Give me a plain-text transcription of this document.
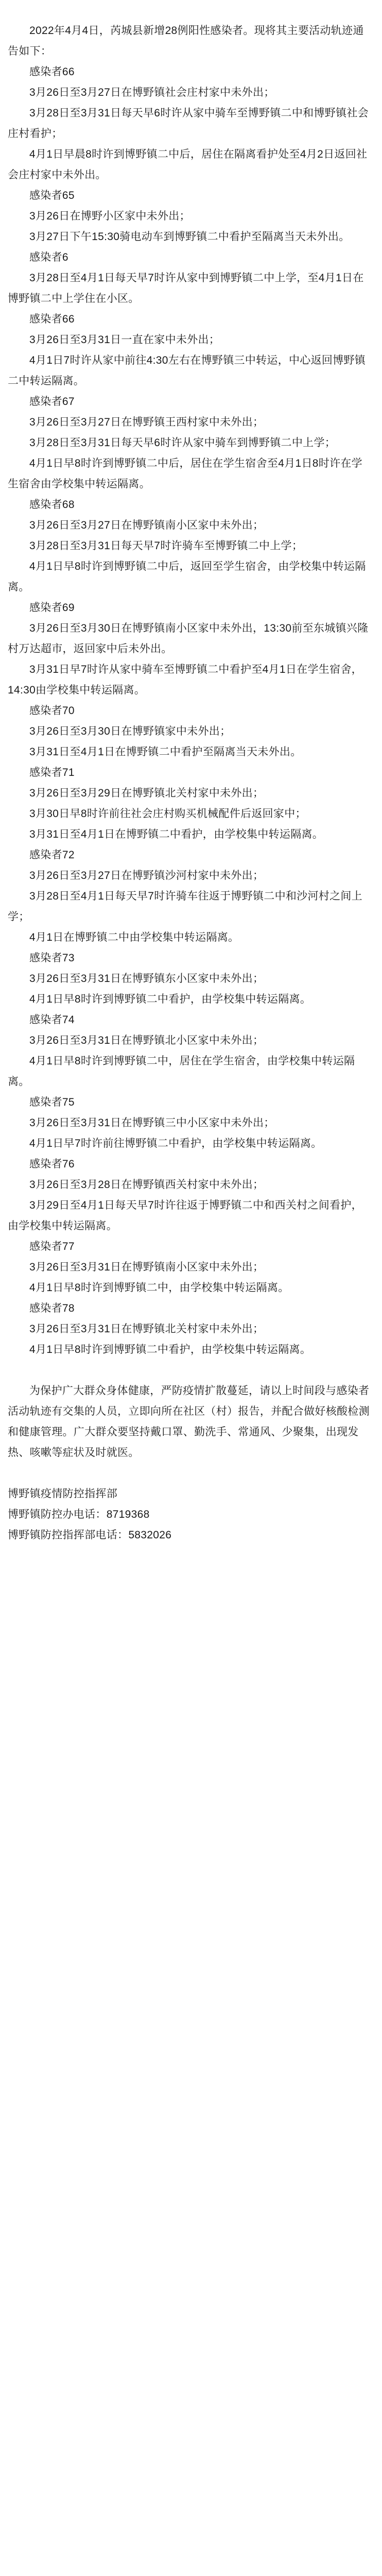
2022年4月4日，芮城县新增28例阳性感染者。现将其主要活动轨迹通告如下：

感染者66

3月26日至3月27日在博野镇社会庄村家中未外出；

3月28日至3月31日每天早6时许从家中骑车至博野镇二中和博野镇社会庄村看护；

4月1日早晨8时许到博野镇二中后，居住在隔离看护处至4月2日返回社会庄村家中未外出。

感染者65

3月26日在博野小区家中未外出；

3月27日下午15:30骑电动车到博野镇二中看护至隔离当天未外出。

感染者6

3月28日至4月1日每天早7时许从家中到博野镇二中上学，至4月1日在博野镇二中上学住在小区。

感染者66

3月26日至3月31日一直在家中未外出；

4月1日7时许从家中前往4:30左右在博野镇三中转运，中心返回博野镇二中转运隔离。

感染者67

3月26日至3月27日在博野镇王西村家中未外出；

3月28日至3月31日每天早6时许从家中骑车到博野镇二中上学；

4月1日早8时许到博野镇二中后，居住在学生宿舍至4月1日8时许在学生宿舍由学校集中转运隔离。

感染者68

3月26日至3月27日在博野镇南小区家中未外出；

3月28日至3月31日每天早7时许骑车至博野镇二中上学；

4月1日早8时许到博野镇二中后，返回至学生宿舍，由学校集中转运隔离。

感染者69

3月26日至3月30日在博野镇南小区家中未外出，13:30前至东城镇兴隆村万达超市，返回家中后未外出。

3月31日早7时许从家中骑车至博野镇二中看护至4月1日在学生宿舍，14:30由学校集中转运隔离。

感染者70

3月26日至3月30日在博野镇家中未外出；

3月31日至4月1日在博野镇二中看护至隔离当天未外出。

感染者71

3月26日至3月29日在博野镇北关村家中未外出；

3月30日早8时许前往社会庄村购买机械配件后返回家中；

3月31日至4月1日在博野镇二中看护，由学校集中转运隔离。

感染者72

3月26日至3月27日在博野镇沙河村家中未外出；

3月28日至4月1日每天早7时许骑车往返于博野镇二中和沙河村之间上学；

4月1日在博野镇二中由学校集中转运隔离。

感染者73

3月26日至3月31日在博野镇东小区家中未外出；

4月1日早8时许到博野镇二中看护，由学校集中转运隔离。

感染者74

3月26日至3月31日在博野镇北小区家中未外出；

4月1日早8时许到博野镇二中，居住在学生宿舍，由学校集中转运隔离。

感染者75

3月26日至3月31日在博野镇三中小区家中未外出；

4月1日早7时许前往博野镇二中看护，由学校集中转运隔离。

感染者76

3月26日至3月28日在博野镇西关村家中未外出；

3月29日至4月1日每天早7时许往返于博野镇二中和西关村之间看护，由学校集中转运隔离。

感染者77

3月26日至3月31日在博野镇南小区家中未外出；

4月1日早8时许到博野镇二中，由学校集中转运隔离。

感染者78

3月26日至3月31日在博野镇北关村家中未外出；

4月1日早8时许到博野镇二中看护，由学校集中转运隔离。

为保护广大群众身体健康，严防疫情扩散蔓延，请以上时间段与感染者活动轨迹有交集的人员，立即向所在社区（村）报告，并配合做好核酸检测和健康管理。广大群众要坚持戴口罩、勤洗手、常通风、少聚集，出现发热、咳嗽等症状及时就医。

博野镇疫情防控指挥部

博野镇防控办电话：8719368

博野镇防控指挥部电话：5832026
